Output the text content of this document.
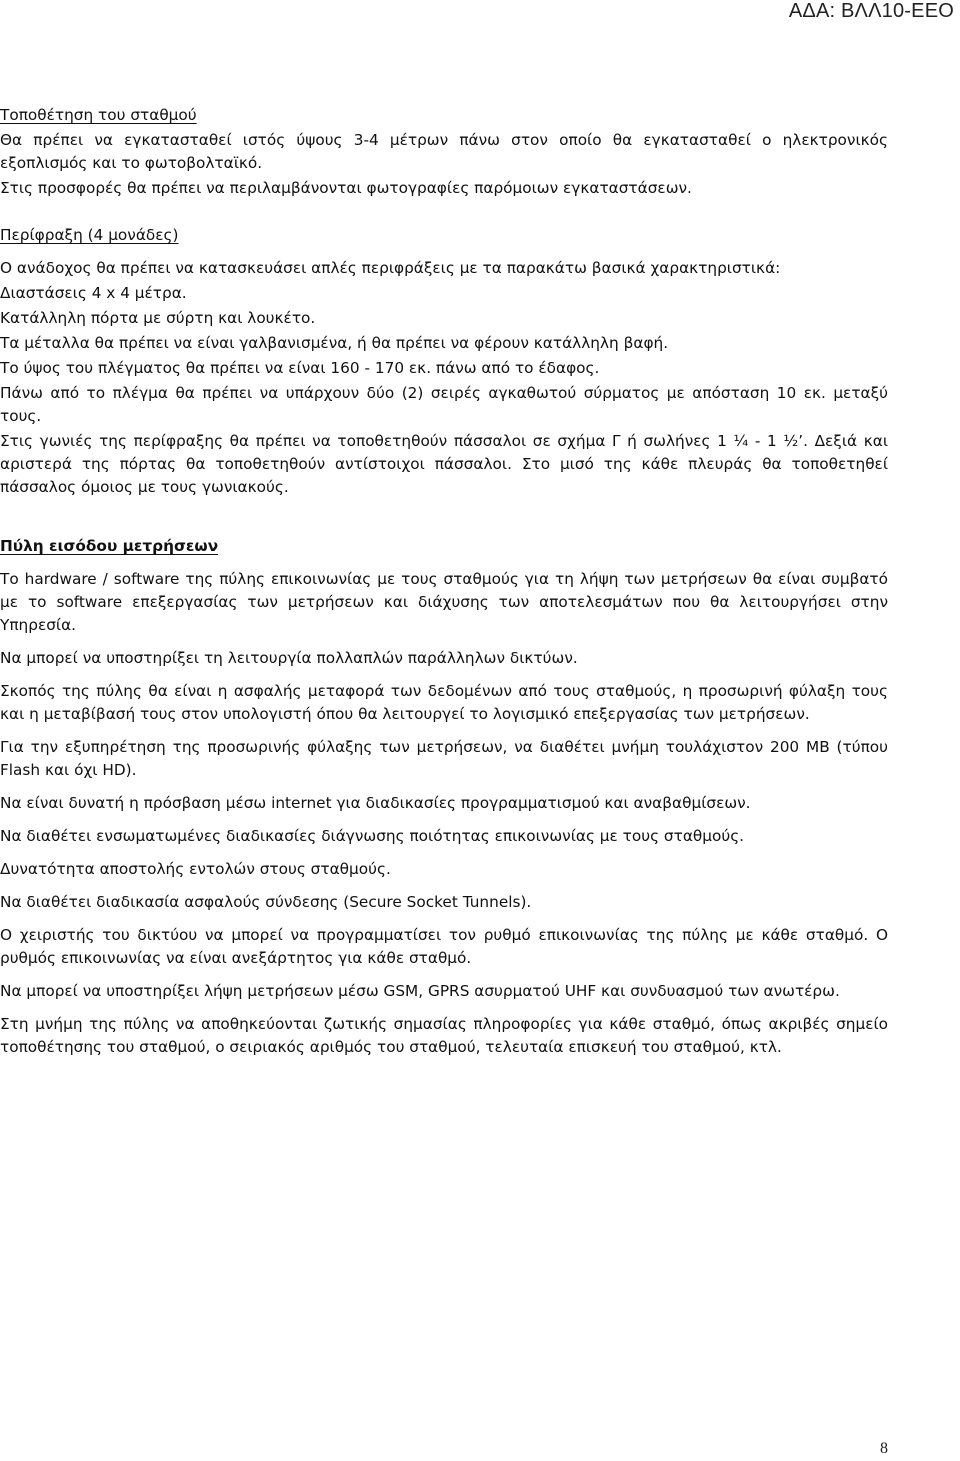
ΑΔΑ: ΒΛΛ10-ΕΕΟ

Τοποθέτηση του σταθμού

Θα πρέπει να εγκατασταθεί ιστός ύψους 3-4 μέτρων πάνω στον οποίο θα εγκατασταθεί ο ηλεκτρονικός εξοπλισμός και το φωτοβολταϊκό.

Στις προσφορές θα πρέπει να περιλαμβάνονται φωτογραφίες παρόμοιων εγκαταστάσεων.

Περίφραξη (4 μονάδες)

Ο ανάδοχος θα πρέπει να κατασκευάσει απλές περιφράξεις με τα παρακάτω βασικά χαρακτηριστικά:

Διαστάσεις 4 x 4 μέτρα.

Κατάλληλη πόρτα με σύρτη και λουκέτο.

Τα μέταλλα θα πρέπει να είναι γαλβανισμένα, ή θα πρέπει να φέρουν κατάλληλη βαφή.

Το ύψος του πλέγματος θα πρέπει να είναι 160 - 170 εκ. πάνω από το έδαφος.

Πάνω από το πλέγμα θα πρέπει να υπάρχουν δύο (2) σειρές αγκαθωτού σύρματος με απόσταση 10 εκ. μεταξύ τους.

Στις γωνιές της περίφραξης θα πρέπει να τοποθετηθούν πάσσαλοι σε σχήμα Γ ή σωλήνες 1 ¼ - 1 ½’. Δεξιά και αριστερά της πόρτας θα τοποθετηθούν αντίστοιχοι πάσσαλοι. Στο μισό της κάθε πλευράς θα τοποθετηθεί πάσσαλος όμοιος με τους γωνιακούς.

Πύλη εισόδου μετρήσεων

Το hardware / software της πύλης επικοινωνίας με τους σταθμούς για τη λήψη των μετρήσεων θα είναι συμβατό με το software επεξεργασίας των μετρήσεων και διάχυσης των αποτελεσμάτων που θα λειτουργήσει στην Υπηρεσία.

Να μπορεί να υποστηρίξει τη λειτουργία πολλαπλών παράλληλων δικτύων.

Σκοπός της πύλης θα είναι η ασφαλής μεταφορά των δεδομένων από τους σταθμούς, η προσωρινή φύλαξη τους και η μεταβίβασή τους στον υπολογιστή όπου θα λειτουργεί το λογισμικό επεξεργασίας των μετρήσεων.

Για την εξυπηρέτηση της προσωρινής φύλαξης των μετρήσεων, να διαθέτει μνήμη τουλάχιστον 200 MB (τύπου Flash και όχι HD).

Να είναι δυνατή η πρόσβαση μέσω internet για διαδικασίες προγραμματισμού και αναβαθμίσεων.

Να διαθέτει ενσωματωμένες διαδικασίες διάγνωσης ποιότητας επικοινωνίας με τους σταθμούς.

Δυνατότητα αποστολής εντολών στους σταθμούς.

Να διαθέτει διαδικασία ασφαλούς σύνδεσης (Secure Socket Tunnels).

Ο χειριστής του δικτύου να μπορεί να προγραμματίσει τον ρυθμό επικοινωνίας της πύλης με κάθε σταθμό. Ο ρυθμός επικοινωνίας να είναι ανεξάρτητος για κάθε σταθμό.

Να μπορεί να υποστηρίξει λήψη μετρήσεων μέσω GSM, GPRS ασυρματού UHF και συνδυασμού των ανωτέρω.

Στη μνήμη της πύλης να αποθηκεύονται ζωτικής σημασίας πληροφορίες για κάθε σταθμό, όπως ακριβές σημείο τοποθέτησης του σταθμού, ο σειριακός αριθμός του σταθμού, τελευταία επισκευή του σταθμού, κτλ.

8
